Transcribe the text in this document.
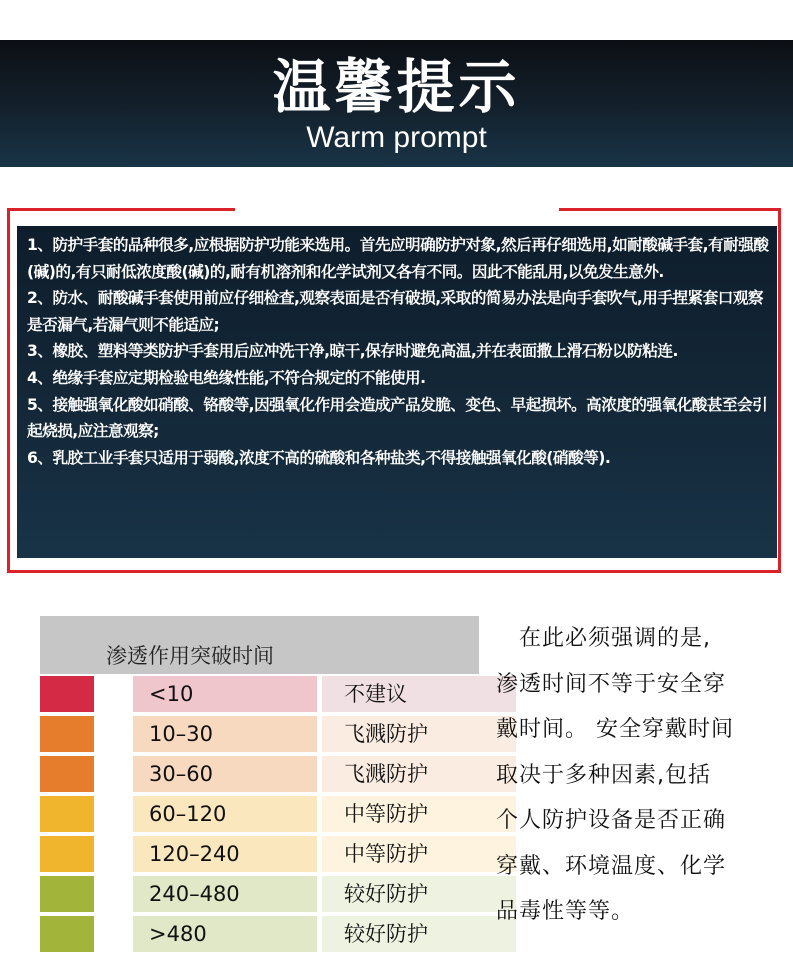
温馨提示
Warm prompt

1、防护手套的品种很多,应根据防护功能来选用。首先应明确防护对象,然后再仔细选用,如耐酸碱手套,有耐强酸(碱)的,有只耐低浓度酸(碱)的,耐有机溶剂和化学试剂又各有不同。因此不能乱用,以免发生意外.

2、防水、耐酸碱手套使用前应仔细检查,观察表面是否有破损,采取的简易办法是向手套吹气,用手捏紧套口观察是否漏气,若漏气则不能适应;

3、橡胶、塑料等类防护手套用后应冲洗干净,晾干,保存时避免高温,并在表面撒上滑石粉以防粘连.

4、绝缘手套应定期检验电绝缘性能,不符合规定的不能使用.

5、接触强氧化酸如硝酸、铬酸等,因强氧化作用会造成产品发脆、变色、早起损坏。高浓度的强氧化酸甚至会引起烧损,应注意观察;

6、乳胶工业手套只适用于弱酸,浓度不高的硫酸和各种盐类,不得接触强氧化酸(硝酸等).

渗透作用突破时间
<10	不建议
10–30	飞溅防护
30–60	飞溅防护
60–120	中等防护
120–240	中等防护
240–480	较好防护
>480	较好防护
　在此必须强调的是,
渗透时间不等于安全穿
戴时间。 安全穿戴时间
取决于多种因素,包括
个人防护设备是否正确
穿戴、环境温度、化学
品毒性等等。
